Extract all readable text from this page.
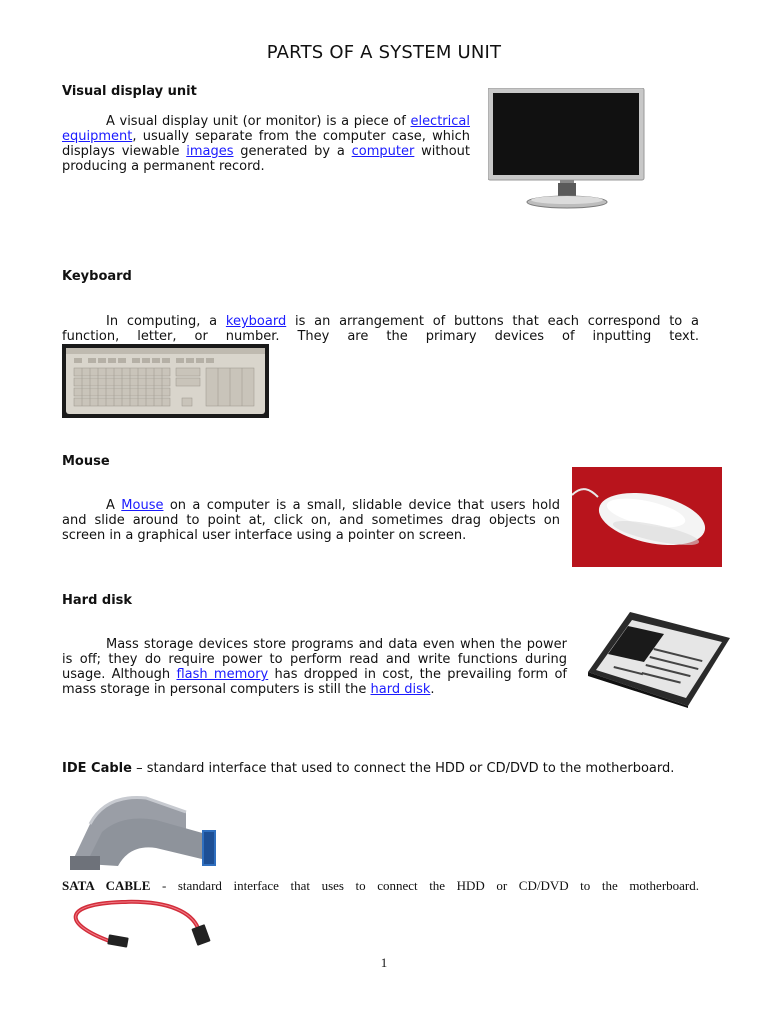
PARTS OF A SYSTEM UNIT
Visual display unit
A visual display unit (or monitor) is a piece of electrical equipment, usually separate from the computer case, which displays viewable images generated by a computer without producing a permanent record.
Keyboard
In computing, a keyboard is an arrangement of buttons that each correspond to a function, letter, or number. They are the primary devices of inputting text.
Mouse
A Mouse on a computer is a small, slidable device that users hold and slide around to point at, click on, and sometimes drag objects on screen in a graphical user interface using a pointer on screen.
Hard disk
Mass storage devices store programs and data even when the power is off; they do require power to perform read and write functions during usage. Although flash memory has dropped in cost, the prevailing form of mass storage in personal computers is still the hard disk.
IDE Cable – standard interface that used to connect the HDD or CD/DVD to the motherboard.
SATA CABLE - standard interface that uses to connect the HDD or CD/DVD to the motherboard.
1
